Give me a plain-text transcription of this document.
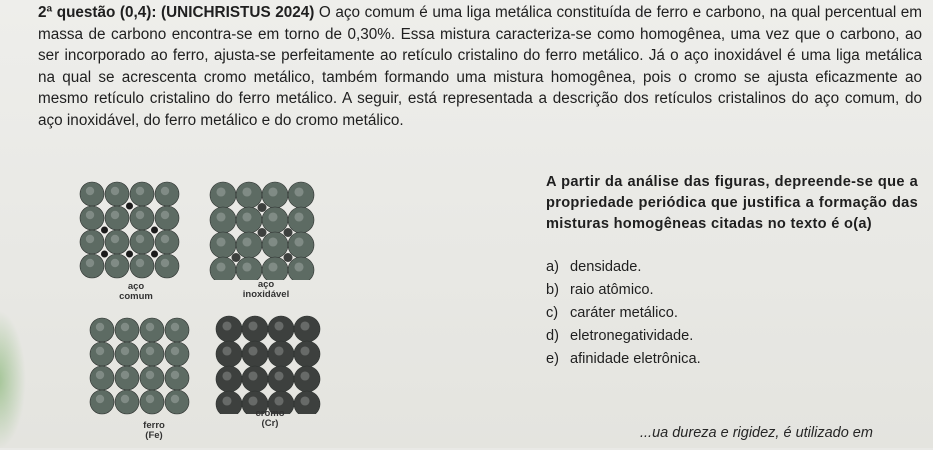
2ª questão (0,4): (UNICHRISTUS 2024) O aço comum é uma liga metálica constituída de ferro e carbono, na qual percentual em massa de carbono encontra-se em torno de 0,30%. Essa mistura caracteriza-se como homogênea, uma vez que o carbono, ao ser incorporado ao ferro, ajusta-se perfeitamente ao retículo cristalino do ferro metálico. Já o aço inoxidável é uma liga metálica na qual se acrescenta cromo metálico, também formando uma mistura homogênea, pois o cromo se ajusta eficazmente ao mesmo retículo cristalino do ferro metálico. A seguir, está representada a descrição dos retículos cristalinos do aço comum, do aço inoxidável, do ferro metálico e do cromo metálico.
aço
comum
aço
inoxidável
ferro
(Fe)
cromo
(Cr)
A partir da análise das figuras, depreende-se que a propriedade periódica que justifica a formação das misturas homogêneas citadas no texto é o(a)
a) densidade.
b) raio atômico.
c) caráter metálico.
d) eletronegatividade.
e) afinidade eletrônica.
...ua dureza e rigidez, é utilizado em
